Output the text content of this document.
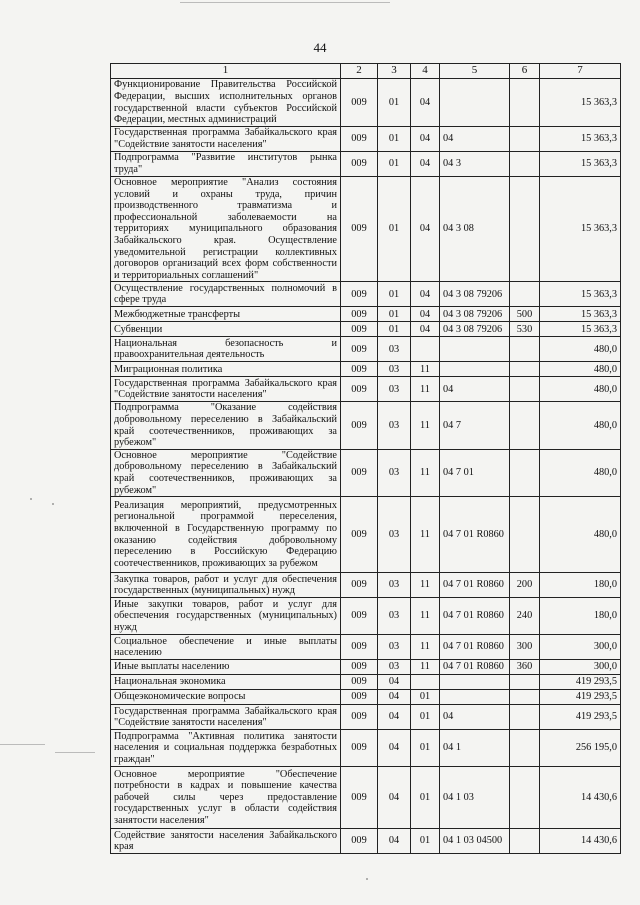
44
1	2	3	4	5	6	7
Функционирование Правительства Российской Федерации, высших исполнительных органов государственной власти субъектов Российской Федерации, местных администраций	009	01	04			15 363,3
Государственная программа Забайкальского края "Содействие занятости населения"	009	01	04	04		15 363,3
Подпрограмма "Развитие институтов рынка труда"	009	01	04	04 3		15 363,3
Основное мероприятие "Анализ состояния условий и охраны труда, причин производственного травматизма и профессиональной заболеваемости на территориях муниципального образования Забайкальского края. Осуществление уведомительной регистрации коллективных договоров организаций всех форм собственности и территориальных соглашений"	009	01	04	04 3 08		15 363,3
Осуществление государственных полномочий в сфере труда	009	01	04	04 3 08 79206		15 363,3
Межбюджетные трансферты	009	01	04	04 3 08 79206	500	15 363,3
Субвенции	009	01	04	04 3 08 79206	530	15 363,3
Национальная безопасность и правоохранительная деятельность	009	03				480,0
Миграционная политика	009	03	11			480,0
Государственная программа Забайкальского края "Содействие занятости населения"	009	03	11	04		480,0
Подпрограмма "Оказание содействия добровольному переселению в Забайкальский край соотечественников, проживающих за рубежом"	009	03	11	04 7		480,0
Основное мероприятие "Содействие добровольному переселению в Забайкальский край соотечественников, проживающих за рубежом"	009	03	11	04 7 01		480,0
Реализация мероприятий, предусмотренных региональной программой переселения, включенной в Государственную программу по оказанию содействия добровольному переселению в Российскую Федерацию соотечественников, проживающих за рубежом	009	03	11	04 7 01 R0860		480,0
Закупка товаров, работ и услуг для обеспечения государственных (муниципальных) нужд	009	03	11	04 7 01 R0860	200	180,0
Иные закупки товаров, работ и услуг для обеспечения государственных (муниципальных) нужд	009	03	11	04 7 01 R0860	240	180,0
Социальное обеспечение и иные выплаты населению	009	03	11	04 7 01 R0860	300	300,0
Иные выплаты населению	009	03	11	04 7 01 R0860	360	300,0
Национальная экономика	009	04				419 293,5
Общеэкономические вопросы	009	04	01			419 293,5
Государственная программа Забайкальского края "Содействие занятости населения"	009	04	01	04		419 293,5
Подпрограмма "Активная политика занятости населения и социальная поддержка безработных граждан"	009	04	01	04 1		256 195,0
Основное мероприятие "Обеспечение потребности в кадрах и повышение качества рабочей силы через предоставление государственных услуг в области содействия занятости населения"	009	04	01	04 1 03		14 430,6
Содействие занятости населения Забайкальского края	009	04	01	04 1 03 04500		14 430,6
